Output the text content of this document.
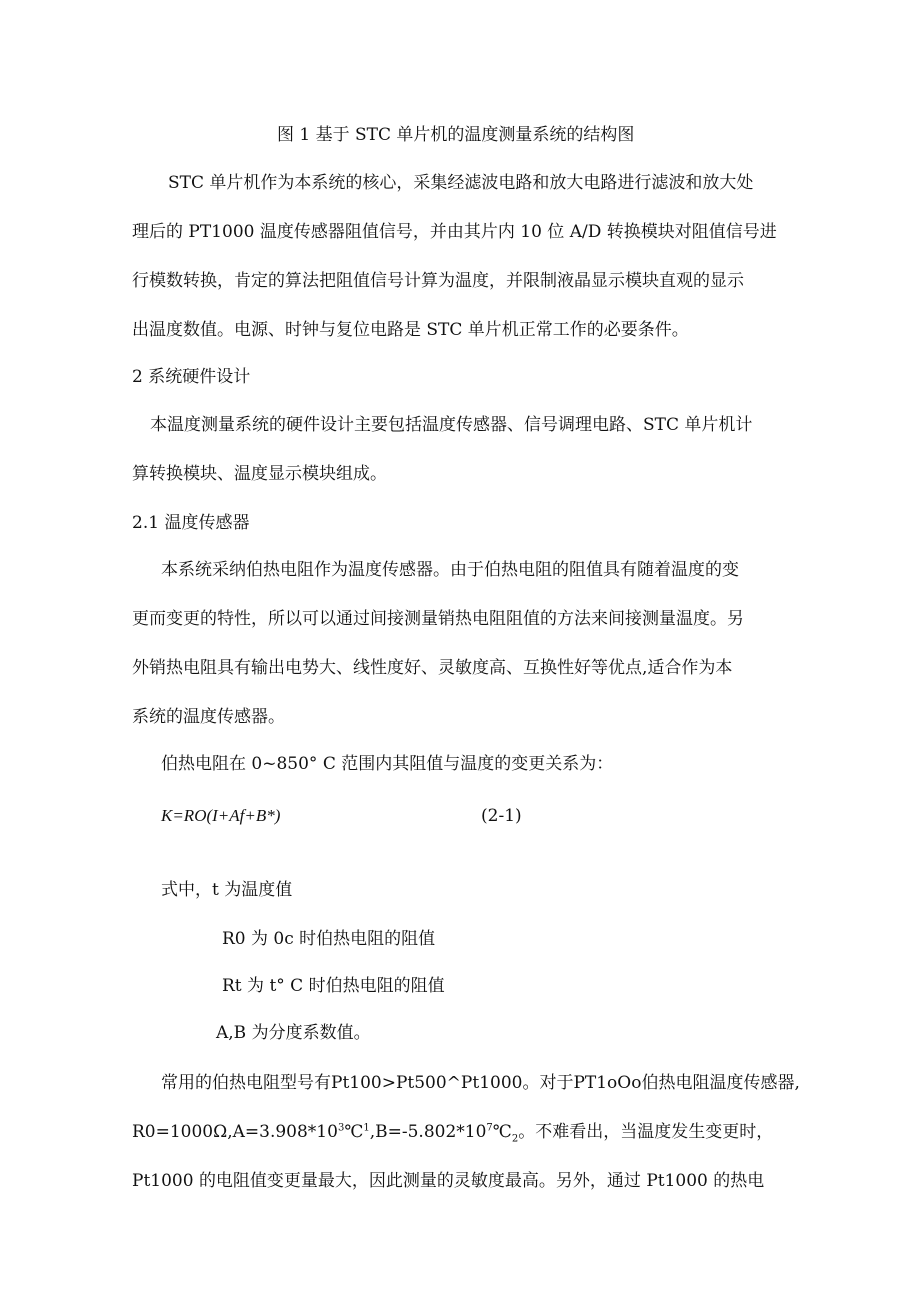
图 1 基于 STC 单片机的温度测量系统的结构图
STC 单片机作为本系统的核心，采集经滤波电路和放大电路进行滤波和放大处
理后的 PT1000 温度传感器阻值信号，并由其片内 10 位 A/D 转换模块对阻值信号进
行模数转换，肯定的算法把阻值信号计算为温度，并限制液晶显示模块直观的显示
出温度数值。电源、时钟与复位电路是 STC 单片机正常工作的必要条件。
2 系统硬件设计
本温度测量系统的硬件设计主要包括温度传感器、信号调理电路、STC 单片机计
算转换模块、温度显示模块组成。
2.1 温度传感器
本系统采纳伯热电阻作为温度传感器。由于伯热电阻的阻值具有随着温度的变
更而变更的特性，所以可以通过间接测量销热电阻阻值的方法来间接测量温度。另
外销热电阻具有输出电势大、线性度好、灵敏度高、互换性好等优点,适合作为本
系统的温度传感器。
伯热电阻在 0~850° C 范围内其阻值与温度的变更关系为：
K=RO(I+Af+B*)	(2-1)
式中，t 为温度值
R0 为 0c 时伯热电阻的阻值
Rt 为 t° C 时伯热电阻的阻值
A,B 为分度系数值。
常用的伯热电阻型号有Pt100>Pt500^Pt1000。对于PT1oOo伯热电阻温度传感器,
$R0=1000\Omega,A=3.908*10^3℃^1,B=-5.802*10^7℃_2$。不难看出，当温度发生变更时，
Pt1000 的电阻值变更量最大，因此测量的灵敏度最高。另外，通过 Pt1000 的热电
